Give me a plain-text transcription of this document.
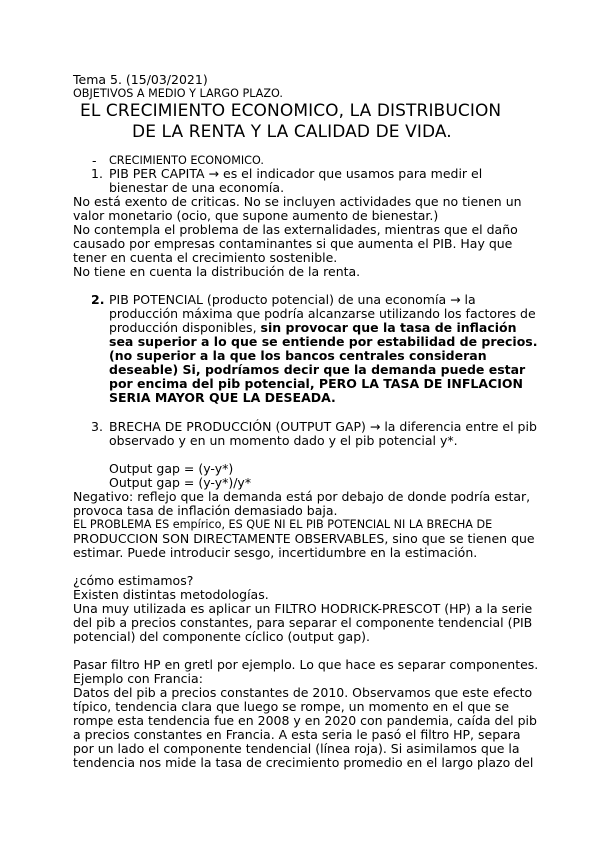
Tema 5. (15/03/2021)
OBJETIVOS A MEDIO Y LARGO PLAZO.
EL CRECIMIENTO ECONOMICO, LA DISTRIBUCION
DE LA RENTA Y LA CALIDAD DE VIDA.
- CRECIMIENTO ECONOMICO.
1. PIB PER CAPITA → es el indicador que usamos para medir el
bienestar de una economía.
No está exento de criticas. No se incluyen actividades que no tienen un
valor monetario (ocio, que supone aumento de bienestar.)
No contempla el problema de las externalidades, mientras que el daño
causado por empresas contaminantes si que aumenta el PIB. Hay que
tener en cuenta el crecimiento sostenible.
No tiene en cuenta la distribución de la renta.
2. PIB POTENCIAL (producto potencial) de una economía → la
producción máxima que podría alcanzarse utilizando los factores de
producción disponibles, sin provocar que la tasa de inflación
sea superior a lo que se entiende por estabilidad de precios.
(no superior a la que los bancos centrales consideran
deseable) Si, podríamos decir que la demanda puede estar
por encima del pib potencial, PERO LA TASA DE INFLACION
SERIA MAYOR QUE LA DESEADA.
3. BRECHA DE PRODUCCIÓN (OUTPUT GAP) → la diferencia entre el pib
observado y en un momento dado y el pib potencial y*.
Output gap = (y-y*)
Output gap = (y-y*)/y*
Negativo: reflejo que la demanda está por debajo de donde podría estar,
provoca tasa de inflación demasiado baja.
EL PROBLEMA ES empírico, ES QUE NI EL PIB POTENCIAL NI LA BRECHA DE
PRODUCCION SON DIRECTAMENTE OBSERVABLES, sino que se tienen que
estimar. Puede introducir sesgo, incertidumbre en la estimación.
¿cómo estimamos?
Existen distintas metodologías.
Una muy utilizada es aplicar un FILTRO HODRICK-PRESCOT (HP) a la serie
del pib a precios constantes, para separar el componente tendencial (PIB
potencial) del componente cíclico (output gap).
Pasar filtro HP en gretl por ejemplo. Lo que hace es separar componentes.
Ejemplo con Francia:
Datos del pib a precios constantes de 2010. Observamos que este efecto
típico, tendencia clara que luego se rompe, un momento en el que se
rompe esta tendencia fue en 2008 y en 2020 con pandemia, caída del pib
a precios constantes en Francia. A esta seria le pasó el filtro HP, separa
por un lado el componente tendencial (línea roja). Si asimilamos que la
tendencia nos mide la tasa de crecimiento promedio en el largo plazo del
